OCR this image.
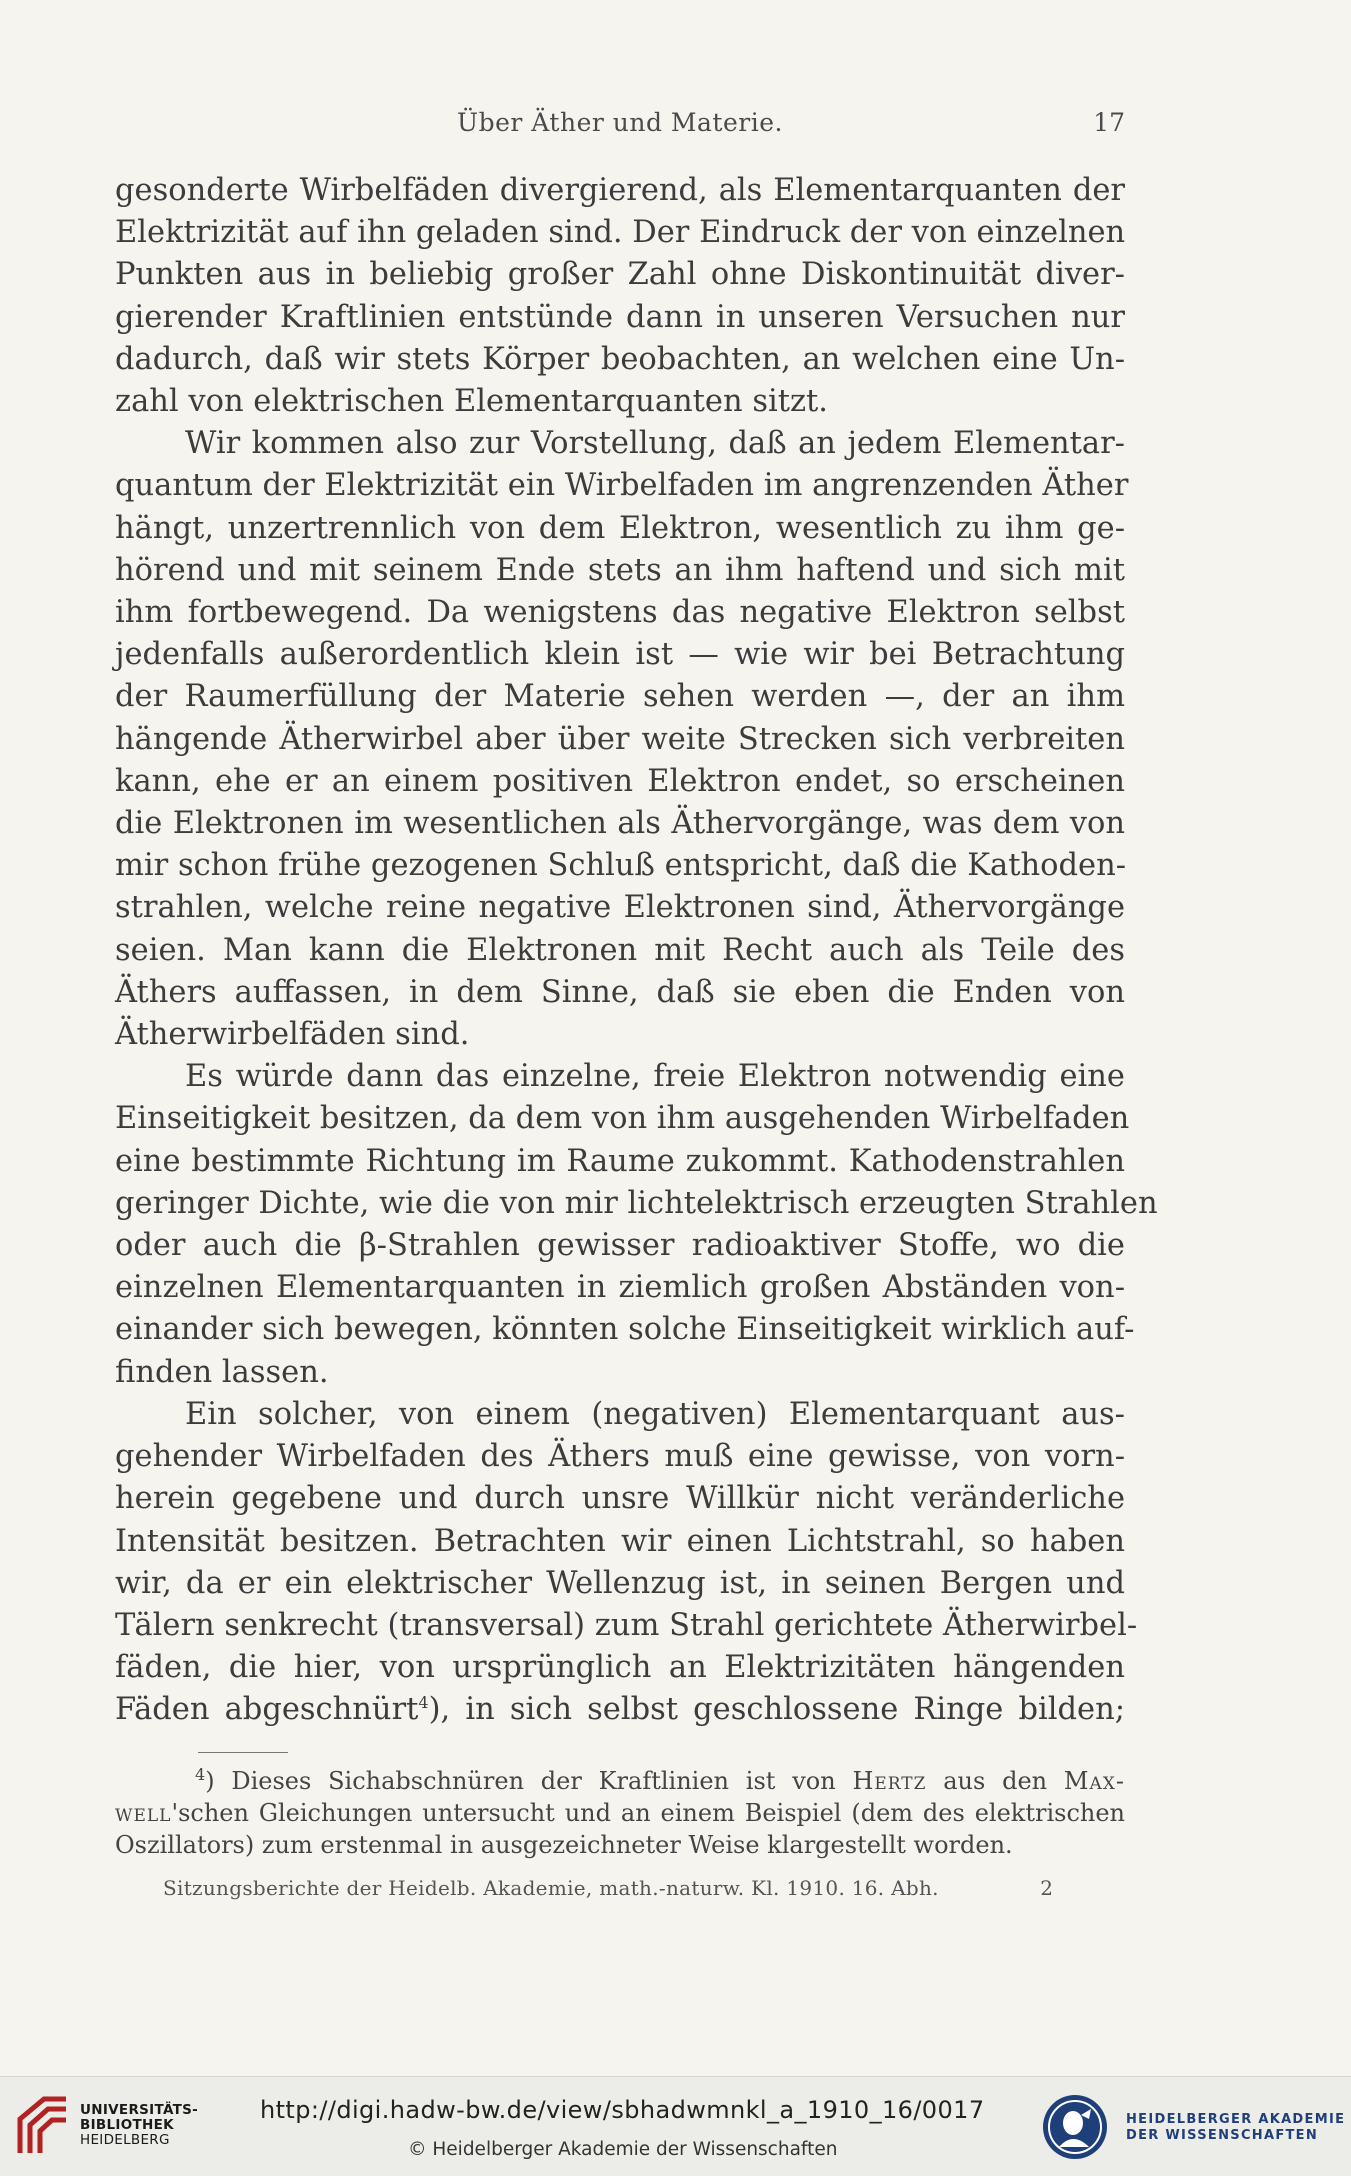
Über Äther und Materie.	17
gesonderte Wirbelfäden divergierend, als Elementarquanten der
Elektrizität auf ihn geladen sind. Der Eindruck der von einzelnen
Punkten aus in beliebig großer Zahl ohne Diskontinuität diver-
gierender Kraftlinien entstünde dann in unseren Versuchen nur
dadurch, daß wir stets Körper beobachten, an welchen eine Un-
zahl von elektrischen Elementarquanten sitzt.
Wir kommen also zur Vorstellung, daß an jedem Elementar-
quantum der Elektrizität ein Wirbelfaden im angrenzenden Äther
hängt, unzertrennlich von dem Elektron, wesentlich zu ihm ge-
hörend und mit seinem Ende stets an ihm haftend und sich mit
ihm fortbewegend. Da wenigstens das negative Elektron selbst
jedenfalls außerordentlich klein ist — wie wir bei Betrachtung
der Raumerfüllung der Materie sehen werden —, der an ihm
hängende Ätherwirbel aber über weite Strecken sich verbreiten
kann, ehe er an einem positiven Elektron endet, so erscheinen
die Elektronen im wesentlichen als Äthervorgänge, was dem von
mir schon frühe gezogenen Schluß entspricht, daß die Kathoden-
strahlen, welche reine negative Elektronen sind, Äthervorgänge
seien. Man kann die Elektronen mit Recht auch als Teile des
Äthers auffassen, in dem Sinne, daß sie eben die Enden von
Ätherwirbelfäden sind.
Es würde dann das einzelne, freie Elektron notwendig eine
Einseitigkeit besitzen, da dem von ihm ausgehenden Wirbelfaden
eine bestimmte Richtung im Raume zukommt. Kathodenstrahlen
geringer Dichte, wie die von mir lichtelektrisch erzeugten Strahlen
oder auch die β-Strahlen gewisser radioaktiver Stoffe, wo die
einzelnen Elementarquanten in ziemlich großen Abständen von-
einander sich bewegen, könnten solche Einseitigkeit wirklich auf-
finden lassen.
Ein solcher, von einem (negativen) Elementarquant aus-
gehender Wirbelfaden des Äthers muß eine gewisse, von vorn-
herein gegebene und durch unsre Willkür nicht veränderliche
Intensität besitzen. Betrachten wir einen Lichtstrahl, so haben
wir, da er ein elektrischer Wellenzug ist, in seinen Bergen und
Tälern senkrecht (transversal) zum Strahl gerichtete Ätherwirbel-
fäden, die hier, von ursprünglich an Elektrizitäten hängenden
Fäden abgeschnürt$^4$), in sich selbst geschlossene Ringe bilden;
$^4$) Dieses Sichabschnüren der Kraftlinien ist von Hertz aus den Max-
well'schen Gleichungen untersucht und an einem Beispiel (dem des elektrischen
Oszillators) zum erstenmal in ausgezeichneter Weise klargestellt worden.
Sitzungsberichte der Heidelb. Akademie, math.-naturw. Kl. 1910. 16. Abh.	2
UNIVERSITÄTS-
BIBLIOTHEK
HEIDELBERG
http://digi.hadw-bw.de/view/sbhadwmnkl_a_1910_16/0017
© Heidelberger Akademie der Wissenschaften
HEIDELBERGER AKADEMIE
DER WISSENSCHAFTEN
